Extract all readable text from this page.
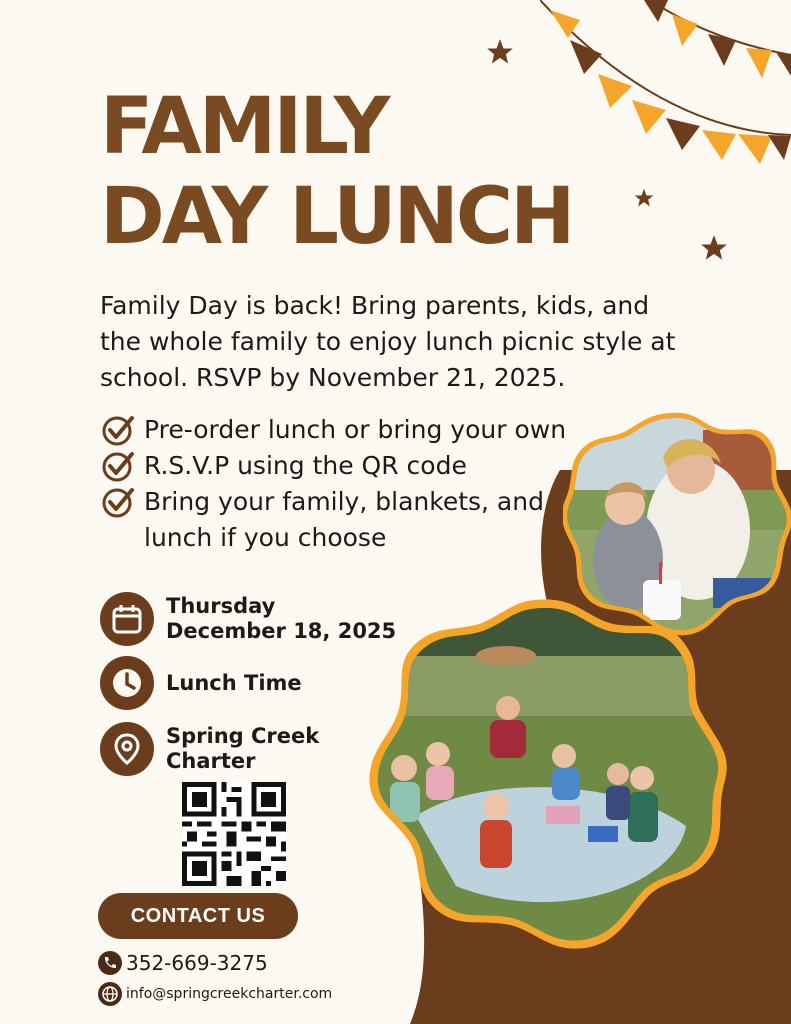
FAMILY
DAY LUNCH

Family Day is back! Bring parents, kids, and the whole family to enjoy lunch picnic style at school. RSVP by November 21, 2025.

Pre-order lunch or bring your own
R.S.V.P using the QR code
Bring your family, blankets, and lunch if you choose
Thursday
December 18, 2025
Lunch Time
Spring Creek
Charter
CONTACT US
352-669-3275
info@springcreekcharter.com
